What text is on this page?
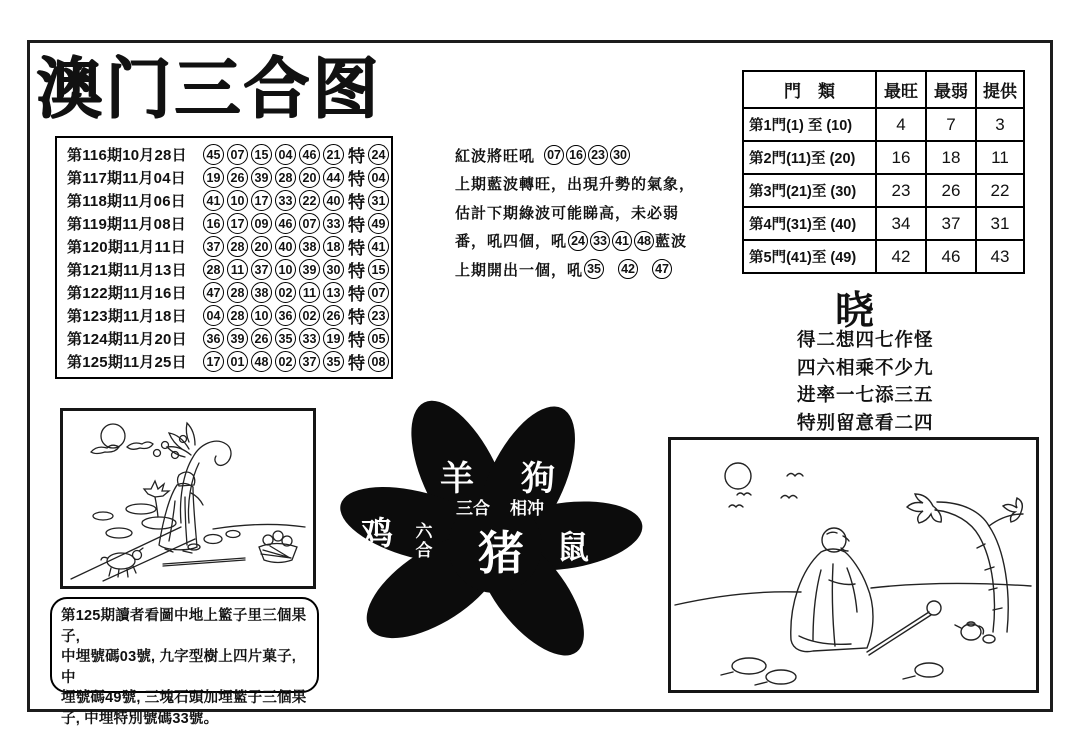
澳门三合图
第116期10月28日	45 07 15 04 46 21 特 24
第117期11月04日	19 26 39 28 20 44 特 04
第118期11月06日	41 10 17 33 22 40 特 31
第119期11月08日	16 17 09 46 07 33 特 49
第120期11月11日	37 28 20 40 38 18 特 41
第121期11月13日	28 11 37 10 39 30 特 15
第122期11月16日	47 28 38 02 11 13 特 07
第123期11月18日	04 28 10 36 02 26 特 23
第124期11月20日	36 39 26 35 33 19 特 05
第125期11月25日	17 01 48 02 37 35 特 08
紅波將旺吼 07 16 23 30
上期藍波轉旺，出現升勢的氣象，
估計下期綠波可能睇高，未必弱
番，吼四個，吼 24 33 41 48 藍波
上期開出一個，吼 35 42 47
門　類	最旺	最弱	提供
第1門(1) 至 (10)	4	7	3
第2門(11)至 (20)	16	18	11
第3門(21)至 (30)	23	26	22
第4門(31)至 (40)	34	37	31
第5門(41)至 (49)	42	46	43
晓
得二想四七作怪
四六相乘不少九
进率一七添三五
特别留意看二四
第125期讀者看圖中地上籃子里三個果子,
中埋號碼03號, 九字型樹上四片菓子, 中
埋號碼49號, 三塊石頭加埋籃子三個果
子, 中埋特別號碼33號。
羊 狗
鸡	鼠
猪
三合 相冲
六
合
